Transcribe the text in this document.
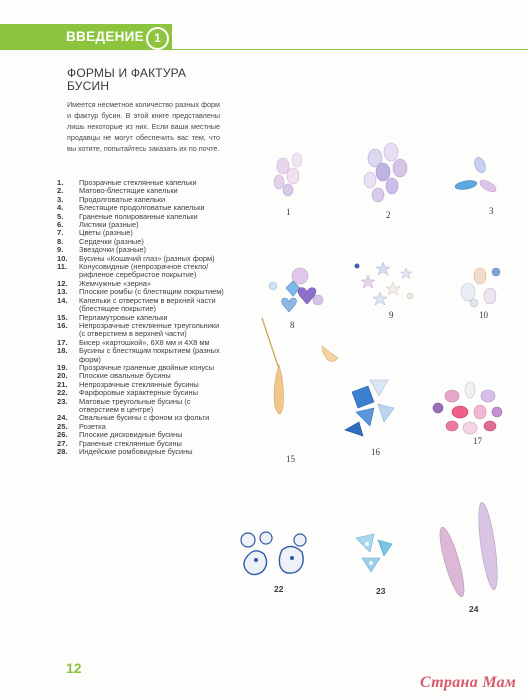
ВВЕДЕНИЕ 1
ФОРМЫ И ФАКТУРА БУСИН
Имеется несметное количество разных форм и фактур бусин. В этой книге представлены лишь некоторые из них. Если ваши местные продавцы не могут обеспечить вас тем, что вы хотите, попытайтесь заказать их по почте.
1. Прозрачные стеклянные капельки
2. Матово-блестящие капельки
3. Продолговатые капельки
4. Блестящие продолговатые капельки
5. Граненые полированные капельки
6. Листики (разные)
7. Цветы (разные)
8. Сердечки (разные)
9. Звездочки (разные)
10. Бусины «Кошачий глаз» (разных форм)
11. Конусовидные (непрозрачное стекло/рифленое серебристое покрытие)
12. Жемчужные «зерна»
13. Плоские ромбы (с блестящим покрытием)
14. Капельки с отверстием в верхней части (блестящее покрытие)
15. Перламутровые капельки
16. Непрозрачные стеклянные треугольники (с отверстием в верхней части)
17. Бисер «картошкой», 6X8 мм и 4X8 мм
18. Бусины с блестящим покрытием (разных форм)
19. Прозрачные граненые двойные конусы
20. Плоские овальные бусины
21. Непрозрачные стеклянные бусины
22. Фарфоровые характерные бусины
23. Матовые треугольные бусины (с отверстием в центре)
24. Овальные бусины с фоном из фольги
25. Розетка
26. Плоские дисковидные бусины
27. Граненые стеклянные бусины
28. Индейские ромбовидные бусины
1	2	3
8
9	10
15
16
17
22	23
24
12
Страна Мам
